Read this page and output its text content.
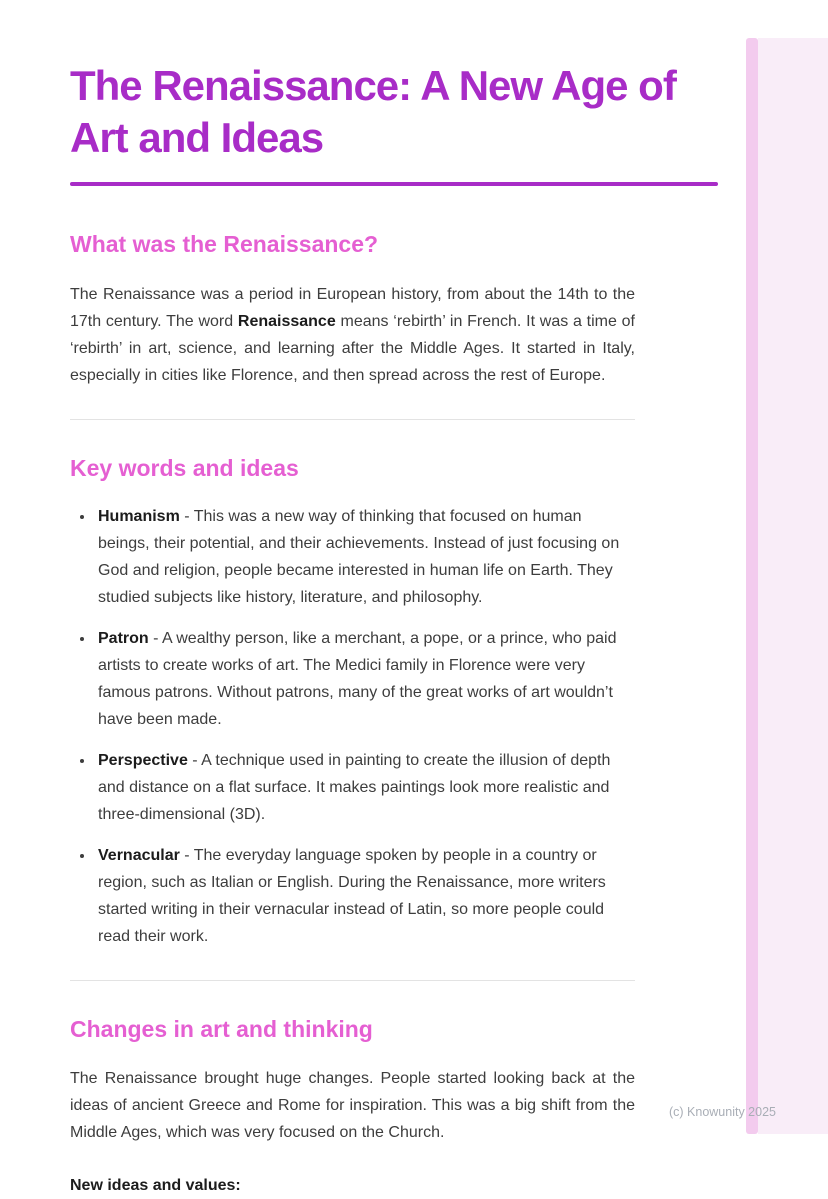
The Renaissance: A New Age of Art and Ideas
What was the Renaissance?

The Renaissance was a period in European history, from about the 14th to the 17th century. The word Renaissance means ‘rebirth’ in French. It was a time of ‘rebirth’ in art, science, and learning after the Middle Ages. It started in Italy, especially in cities like Florence, and then spread across the rest of Europe.

Key words and ideas
• Humanism - This was a new way of thinking that focused on human beings, their potential, and their achievements. Instead of just focusing on God and religion, people became interested in human life on Earth. They studied subjects like history, literature, and philosophy.
• Patron - A wealthy person, like a merchant, a pope, or a prince, who paid artists to create works of art. The Medici family in Florence were very famous patrons. Without patrons, many of the great works of art wouldn’t have been made.
• Perspective - A technique used in painting to create the illusion of depth and distance on a flat surface. It makes paintings look more realistic and three-dimensional (3D).
• Vernacular - The everyday language spoken by people in a country or region, such as Italian or English. During the Renaissance, more writers started writing in their vernacular instead of Latin, so more people could read their work.
Changes in art and thinking

The Renaissance brought huge changes. People started looking back at the ideas of ancient Greece and Rome for inspiration. This was a big shift from the Middle Ages, which was very focused on the Church.

New ideas and values:

(c) Knowunity 2025
